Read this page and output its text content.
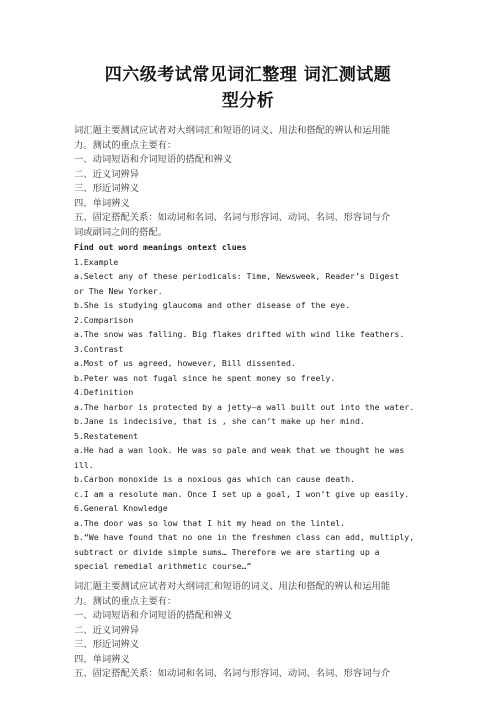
四六级考试常见词汇整理 词汇测试题
型分析
词汇题主要测试应试者对大纲词汇和短语的词义、用法和搭配的辨认和运用能
力。测试的重点主要有：
一、动词短语和介词短语的搭配和辨义
二、近义词辨异
三、形近词辨义
四、单词辨义
五、固定搭配关系：如动词和名词、名词与形容词、动词、名词、形容词与介
词或副词之间的搭配。
Find out word meanings ontext clues
1.Example
a.Select any of these periodicals: Time, Newsweek, Reader’s Digest
or The New Yorker.
b.She is studying glaucoma and other disease of the eye.
2.Comparison
a.The snow was falling. Big flakes drifted with wind like feathers.
3.Contrast
a.Most of us agreed, however, Bill dissented.
b.Peter was not fugal since he spent money so freely.
4.Definition
a.The harbor is protected by a jetty—a wall built out into the water.
b.Jane is indecisive, that is , she can’t make up her mind.
5.Restatement
a.He had a wan look. He was so pale and weak that we thought he was
ill.
b.Carbon monoxide is a noxious gas which can cause death.
c.I am a resolute man. Once I set up a goal, I won’t give up easily.
6.General Knowledge
a.The door was so low that I hit my head on the lintel.
b.“We have found that no one in the freshmen class can add, multiply,
subtract or divide simple sums… Therefore we are starting up a
special remedial arithmetic course…”
词汇题主要测试应试者对大纲词汇和短语的词义、用法和搭配的辨认和运用能
力。测试的重点主要有：
一、动词短语和介词短语的搭配和辨义
二、近义词辨异
三、形近词辨义
四、单词辨义
五、固定搭配关系：如动词和名词、名词与形容词、动词、名词、形容词与介
